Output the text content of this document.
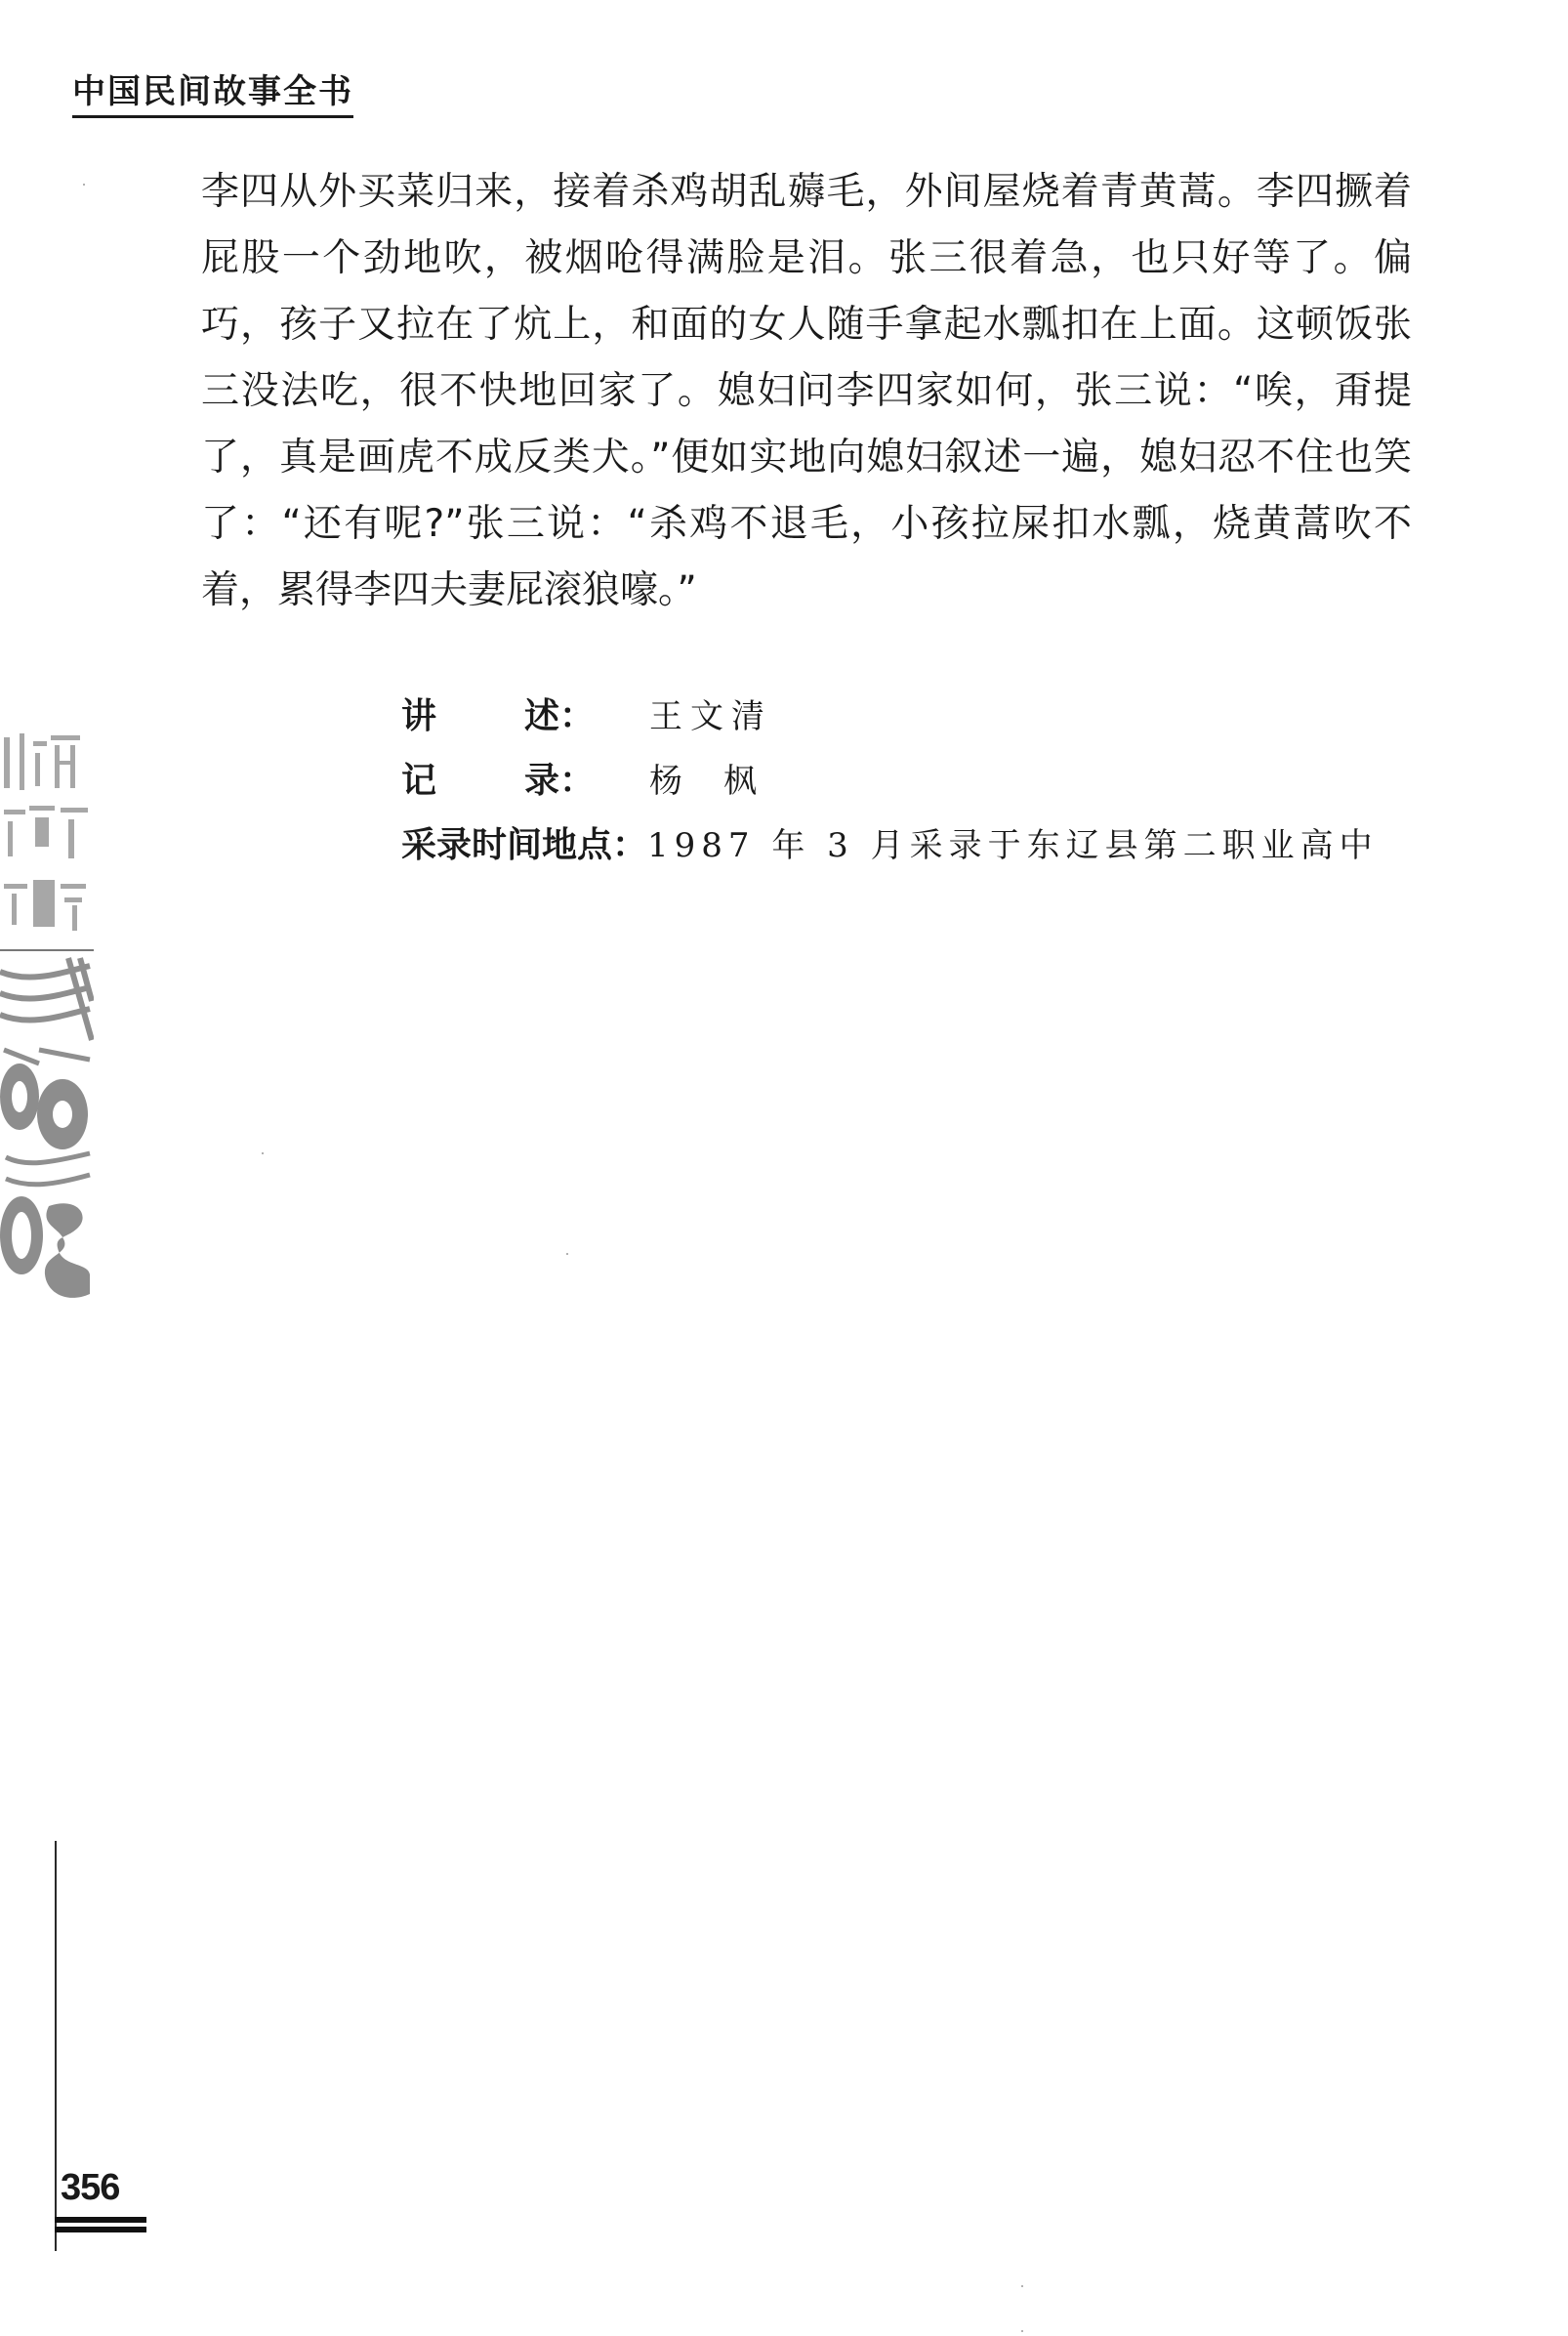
中国民间故事全书

李四从外买菜归来，接着杀鸡胡乱薅毛，外间屋烧着青黄蒿。李四撅着屁股一个劲地吹，被烟呛得满脸是泪。张三很着急，也只好等了。偏巧，孩子又拉在了炕上，和面的女人随手拿起水瓢扣在上面。这顿饭张三没法吃，很不快地回家了。媳妇问李四家如何，张三说：“唉，甭提了，真是画虎不成反类犬。”便如实地向媳妇叙述一遍，媳妇忍不住也笑了：“还有呢?”张三说：“杀鸡不退毛，小孩拉屎扣水瓢，烧黄蒿吹不着，累得李四夫妻屁滚狼嚎。”

讲 述：	王文清
记 录：	杨枫
采录时间地点： 1987 年 3 月采录于东辽县第二职业高中
356
